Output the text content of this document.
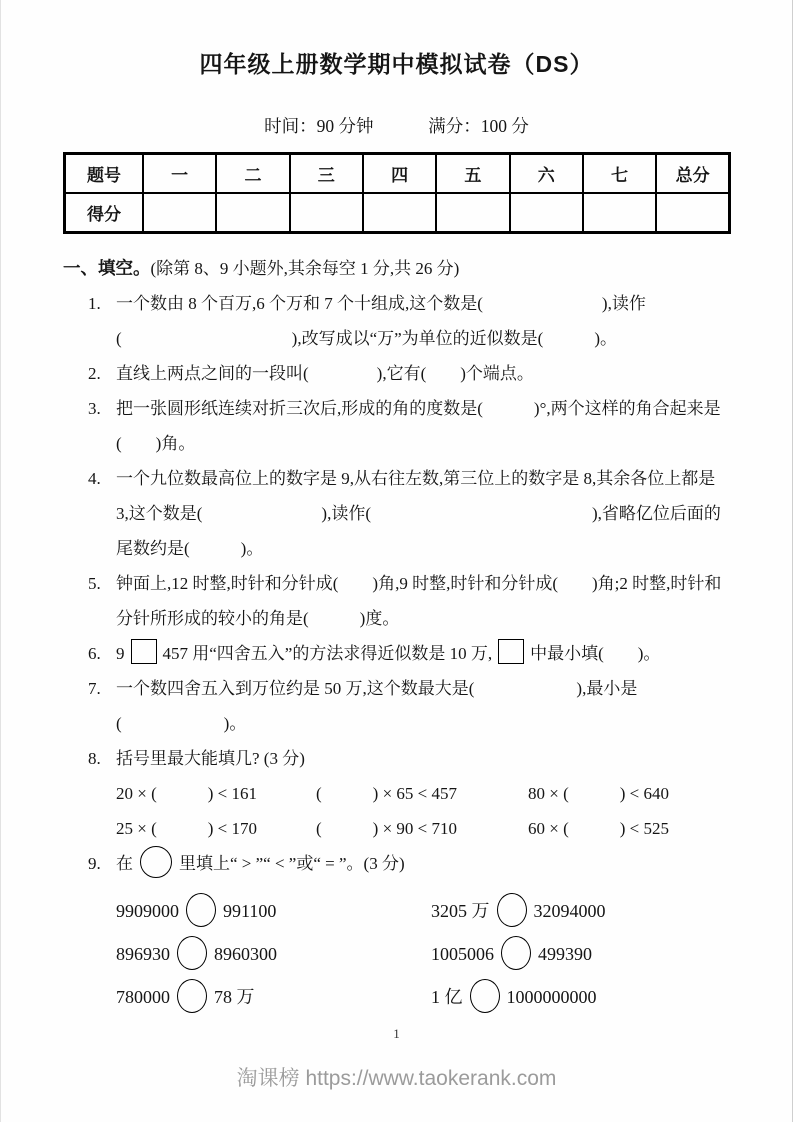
四年级上册数学期中模拟试卷（DS）
时间：90 分钟	满分：100 分
题号	一	二	三	四	五	六	七	总分
得分								
一、填空。(除第 8、9 小题外,其余每空 1 分,共 26 分)
1. 一个数由 8 个百万,6 个万和 7 个十组成,这个数是(　　　　　　　),读作(　　　　　　　　　　),改写成以“万”为单位的近似数是(　　　)。
2. 直线上两点之间的一段叫(　　　　),它有(　　)个端点。
3. 把一张圆形纸连续对折三次后,形成的角的度数是(　　　)°,两个这样的角合起来是(　　)角。
4. 一个九位数最高位上的数字是 9,从右往左数,第三位上的数字是 8,其余各位上都是 3,这个数是(　　　　　　　),读作(　　　　　　　　　　　　　),省略亿位后面的尾数约是(　　　)。
5. 钟面上,12 时整,时针和分针成(　　)角,9 时整,时针和分针成(　　)角;2 时整,时针和分针所形成的较小的角是(　　　)度。
6. 9 457 用“四舍五入”的方法求得近似数是 10 万, 中最小填(　　)。
7. 一个数四舍五入到万位约是 50 万,这个数最大是(　　　　　　),最小是(　　　　　　)。
8. 括号里最大能填几? (3 分)
20 × (　　　) < 161	(　　　) × 65 < 457	80 × (　　　) < 640
25 × (　　　) < 170	(　　　) × 90 < 710	60 × (　　　) < 525
9. 在	里填上“ > ”“ < ”或“ = ”。(3 分)
9909000 991100	3205 万 32094000
896930 8960300	1005006 499390
780000 78 万	1 亿 1000000000
1
淘课榜 https://www.taokerank.com
